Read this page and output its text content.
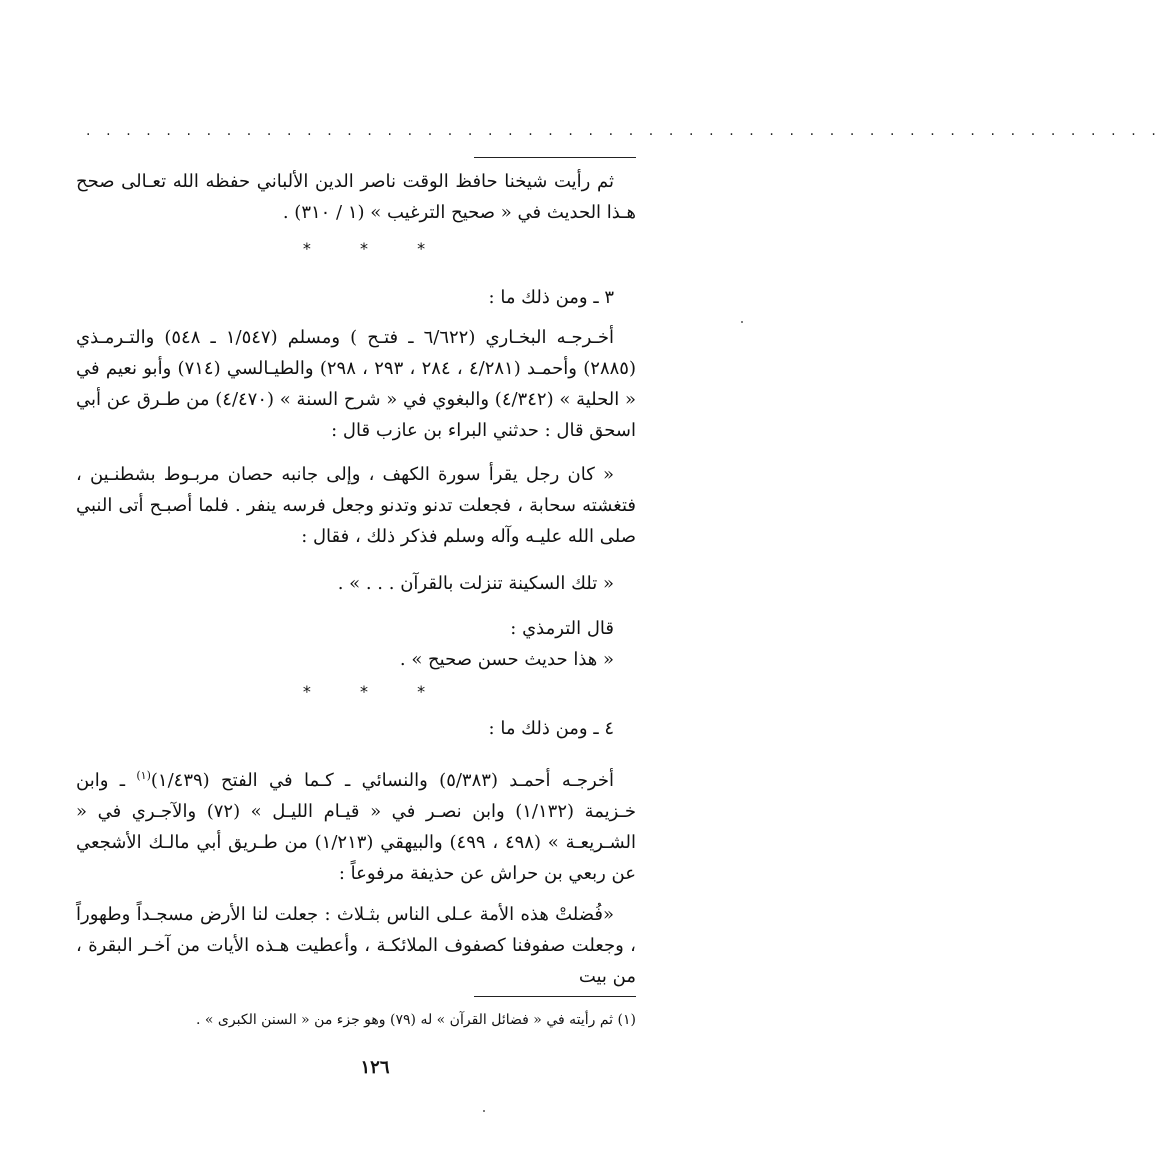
. . . . . . . . . . . . . . . . . . . . . . . . . . . . . . . . . . . . . . . . . . . . . . . . . . . . . .
ثم رأيت شيخنا حافظ الوقت ناصر الدين الألباني حفظه الله تعـالى صحح هـذا الحديث في « صحيح الترغيب » (١ / ٣١٠) .
* * *
٣ ـ ومن ذلك ما :
أخـرجـه البخـاري (٦/٦٢٢ ـ فتـح ) ومسلم (١/٥٤٧ ـ ٥٤٨) والتـرمـذي (٢٨٨٥) وأحمـد (٤/٢٨١ ، ٢٨٤ ، ٢٩٣ ، ٢٩٨) والطيـالسي (٧١٤) وأبو نعيم في « الحلية » (٤/٣٤٢) والبغوي في « شرح السنة » (٤/٤٧٠) من طـرق عن أبي اسحق قال : حدثني البراء بن عازب قال :
« كان رجل يقرأ سورة الكهف ، وإلى جانبه حصان مربـوط بشطنـين ، فتغشته سحابة ، فجعلت تدنو وتدنو وجعل فرسه ينفر . فلما أصبـح أتى النبي صلى الله عليـه وآله وسلم فذكر ذلك ، فقال :
« تلك السكينة تنزلت بالقرآن . . . » .
قال الترمذي :
« هذا حديث حسن صحيح » .
* * *
٤ ـ ومن ذلك ما :
أخرجـه أحمـد (٥/٣٨٣) والنسائي ـ كـما في الفتح (١/٤٣٩)$^{(١)}$ ـ وابن خـزيمة (١/١٣٢) وابن نصـر في « قيـام الليـل » (٧٢) والآجـري في « الشـريعـة » (٤٩٨ ، ٤٩٩) والبيهقي (١/٢١٣) من طـريق أبي مالـك الأشجعي عن ربعي بن حراش عن حذيفة مرفوعاً :
«فُضلتْ هذه الأمة عـلى الناس بثـلاث : جعلت لنا الأرض مسجـداً وطهوراً ، وجعلت صفوفنا كصفوف الملائكـة ، وأعطيت هـذه الأيات من آخـر البقرة ، من بيت
(١) ثم رأيته في « فضائل القرآن » له (٧٩) وهو جزء من « السنن الكبرى » .
١٢٦
